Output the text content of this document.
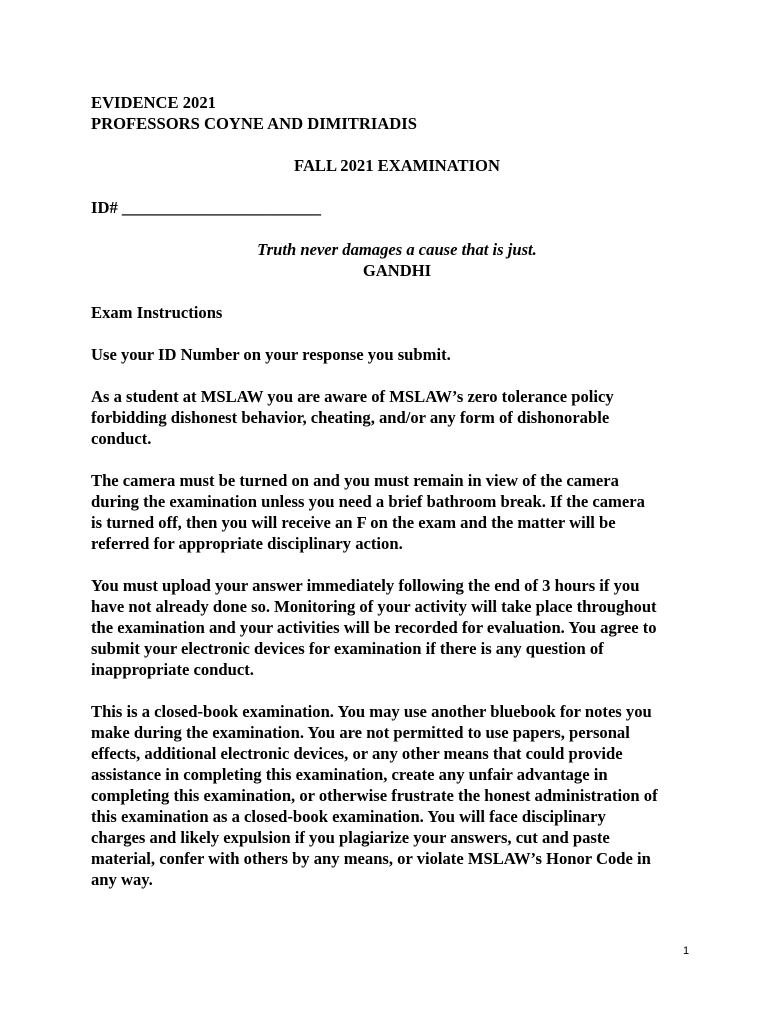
EVIDENCE 2021
PROFESSORS COYNE AND DIMITRIADIS
FALL 2021 EXAMINATION
ID# ________________________
Truth never damages a cause that is just.
GANDHI
Exam Instructions
Use your ID Number on your response you submit.
As a student at MSLAW you are aware of MSLAW’s zero tolerance policy
forbidding dishonest behavior, cheating, and/or any form of dishonorable
conduct.
The camera must be turned on and you must remain in view of the camera
during the examination unless you need a brief bathroom break. If the camera
is turned off, then you will receive an F on the exam and the matter will be
referred for appropriate disciplinary action.
You must upload your answer immediately following the end of 3 hours if you
have not already done so. Monitoring of your activity will take place throughout
the examination and your activities will be recorded for evaluation. You agree to
submit your electronic devices for examination if there is any question of
inappropriate conduct.
This is a closed-book examination. You may use another bluebook for notes you
make during the examination. You are not permitted to use papers, personal
effects, additional electronic devices, or any other means that could provide
assistance in completing this examination, create any unfair advantage in
completing this examination, or otherwise frustrate the honest administration of
this examination as a closed-book examination. You will face disciplinary
charges and likely expulsion if you plagiarize your answers, cut and paste
material, confer with others by any means, or violate MSLAW’s Honor Code in
any way.
1
